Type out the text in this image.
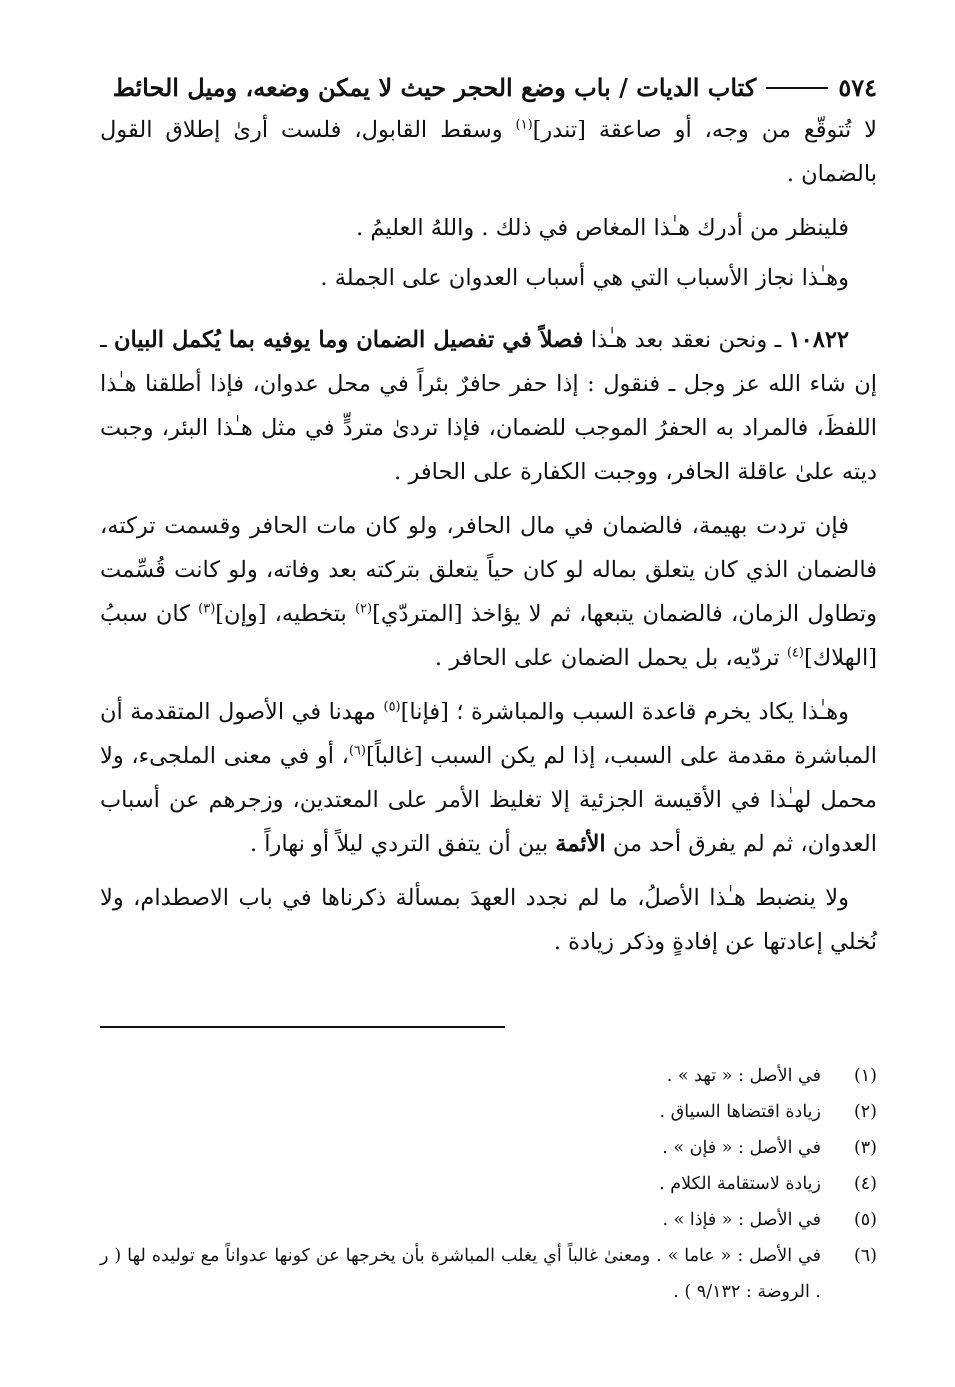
٥٧٤
كتاب الديات / باب وضع الحجر حيث لا يمكن وضعه، وميل الحائط

لا تُتوقّع من وجه، أو صاعقة [تندر]$^{(١)}$ وسقط القابول، فلست أرىٰ إطلاق القول بالضمان .

فلينظر من أدرك هـٰذا المغاص في ذلك . واللهُ العليمُ .

وهـٰذا نجاز الأسباب التي هي أسباب العدوان على الجملة .

١٠٨٢٢ ـ ونحن نعقد بعد هـٰذا فصلاً في تفصيل الضمان وما يوفيه بما يُكمل البيان ـ إن شاء الله عز وجل ـ فنقول : إذا حفر حافرٌ بئراً في محل عدوان، فإذا أطلقنا هـٰذا اللفظَ، فالمراد به الحفرُ الموجب للضمان، فإذا تردىٰ متردٍّ في مثل هـٰذا البئر، وجبت ديته علىٰ عاقلة الحافر، ووجبت الكفارة على الحافر .

فإن تردت بهيمة، فالضمان في مال الحافر، ولو كان مات الحافر وقسمت تركته، فالضمان الذي كان يتعلق بماله لو كان حياً يتعلق بتركته بعد وفاته، ولو كانت قُسِّمت وتطاول الزمان، فالضمان يتبعها، ثم لا يؤاخذ [المتردّي]$^{(٢)}$ بتخطيه، [وإن]$^{(٣)}$ كان سببُ [الهلاك]$^{(٤)}$ تردّيه، بل يحمل الضمان على الحافر .

وهـٰذا يكاد يخرم قاعدة السبب والمباشرة ؛ [فإنا]$^{(٥)}$ مهدنا في الأصول المتقدمة أن المباشرة مقدمة على السبب، إذا لم يكن السبب [غالباً]$^{(٦)}$، أو في معنى الملجىء، ولا محمل لهـٰذا في الأقيسة الجزئية إلا تغليظ الأمر على المعتدين، وزجرهم عن أسباب العدوان، ثم لم يفرق أحد من الأئمة بين أن يتفق التردي ليلاً أو نهاراً .

ولا ينضبط هـٰذا الأصلُ، ما لم نجدد العهدَ بمسألة ذكرناها في باب الاصطدام، ولا نُخلي إعادتها عن إفادةٍ وذكر زيادة .

(١)
في الأصل : « تهد » .
(٢)
زيادة اقتضاها السياق .
(٣)
في الأصل : « فإن » .
(٤)
زيادة لاستقامة الكلام .
(٥)
في الأصل : « فإذا » .
(٦)
في الأصل : « عاما » . ومعنىٰ غالباً أي يغلب المباشرة بأن يخرجها عن كونها عدواناً مع توليده لها ( ر . الروضة : ٩/١٣٢ ) .
